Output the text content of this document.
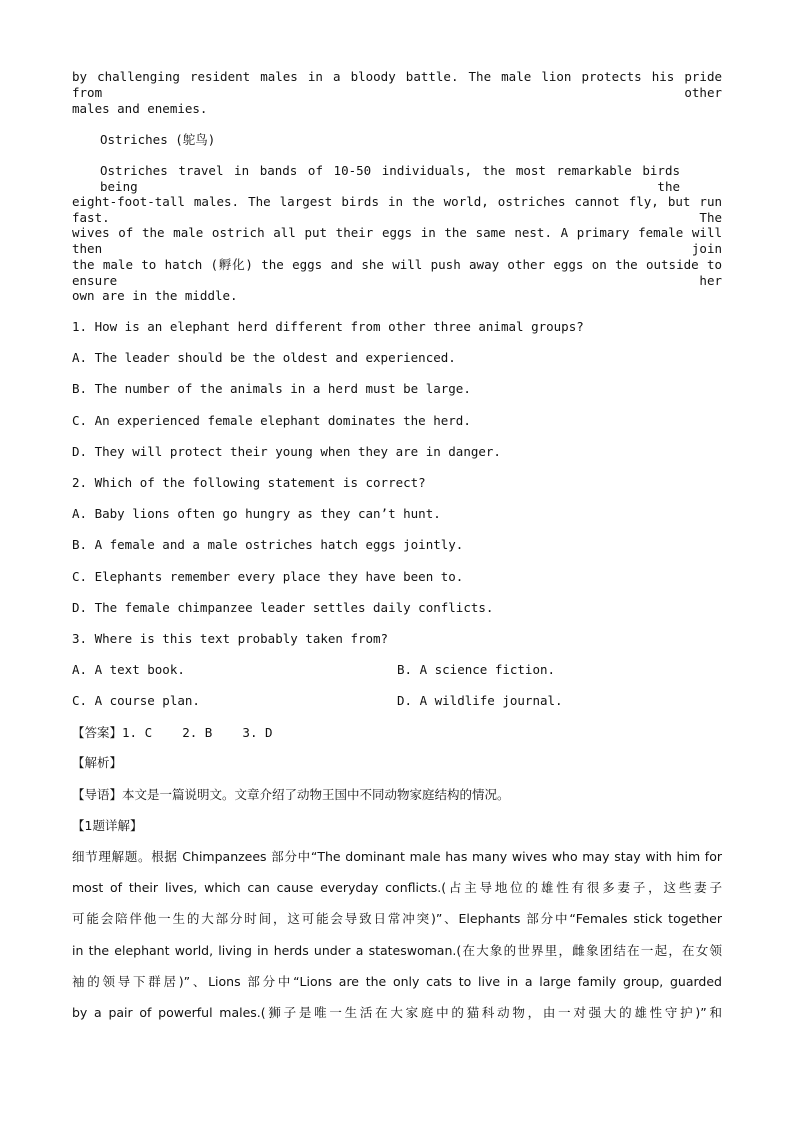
by challenging resident males in a bloody battle. The male lion protects his pride from other
males and enemies.
Ostriches (鸵鸟)
Ostriches travel in bands of 10-50 individuals, the most remarkable birds being the
eight-foot-tall males. The largest birds in the world, ostriches cannot fly, but run fast. The
wives of the male ostrich all put their eggs in the same nest. A primary female will then join
the male to hatch (孵化) the eggs and she will push away other eggs on the outside to ensure her
own are in the middle.
1. How is an elephant herd different from other three animal groups?
A. The leader should be the oldest and experienced.
B. The number of the animals in a herd must be large.
C. An experienced female elephant dominates the herd.
D. They will protect their young when they are in danger.
2. Which of the following statement is correct?
A. Baby lions often go hungry as they can’t hunt.
B. A female and a male ostriches hatch eggs jointly.
C. Elephants remember every place they have been to.
D. The female chimpanzee leader settles daily conflicts.
3. Where is this text probably taken from?
A. A text book.	B. A science fiction.
C. A course plan.	D. A wildlife journal.
【答案】1. C    2. B    3. D
【解析】
【导语】本文是一篇说明文。文章介绍了动物王国中不同动物家庭结构的情况。
【1题详解】
细节理解题。根据 Chimpanzees 部分中“The dominant male has many wives who may stay with him for
most of their lives, which can cause everyday conflicts.(占主导地位的雄性有很多妻子，这些妻子
可能会陪伴他一生的大部分时间，这可能会导致日常冲突)”、Elephants 部分中“Females stick together
in the elephant world, living in herds under a stateswoman.(在大象的世界里，雌象团结在一起，在女领
袖的领导下群居)”、Lions 部分中“Lions are the only cats to live in a large family group, guarded
by a pair of powerful males.(狮子是唯一生活在大家庭中的猫科动物，由一对强大的雄性守护)”和
